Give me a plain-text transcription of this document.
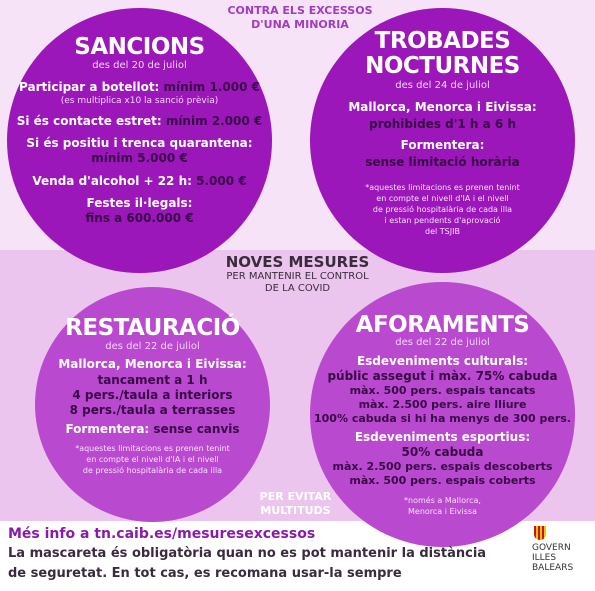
CONTRA ELS EXCESSOS
D'UNA MINORIA
SANCIONS
des del 20 de juliol
Participar a botellot: mínim 1.000 €
(es multiplica x10 la sanció prèvia)
Si és contacte estret: mínim 2.000 €
Si és positiu i trenca quarantena:
mínim 5.000 €
Venda d'alcohol + 22 h: 5.000 €
Festes il·legals:
fins a 600.000 €
TROBADES
NOCTURNES
des del 24 de juliol
Mallorca, Menorca i Eivissa:
prohibides d'1 h a 6 h
Formentera:
sense limitació horària
*aquestes limitacions es prenen tenint
en compte el nivell d'IA i el nivell
de pressió hospitalària de cada illa
i estan pendents d'aprovació
del TSJIB
NOVES MESURES
PER MANTENIR EL CONTROL
DE LA COVID
RESTAURACIÓ
des del 22 de juliol
Mallorca, Menorca i Eivissa:
tancament a 1 h
4 pers./taula a interiors
8 pers./taula a terrasses
Formentera: sense canvis
*aquestes limitacions es prenen tenint
en compte el nivell d'IA i el nivell
de pressió hospitalària de cada illa
AFORAMENTS
des del 22 de juliol
Esdeveniments culturals:
públic assegut i màx. 75% cabuda
màx. 500 pers. espais tancats
màx. 2.500 pers. aire lliure
100% cabuda si hi ha menys de 300 pers.
Esdeveniments esportius:
50% cabuda
màx. 2.500 pers. espais descoberts
màx. 500 pers. espais coberts
*només a Mallorca,
Menorca i Eivissa
PER EVITAR
MULTITUDS
Més info a tn.caib.es/mesuresexcessos
La mascareta és obligatòria quan no es pot mantenir la distància
de seguretat. En tot cas, es recomana usar-la sempre
GOVERN
ILLES
BALEARS
